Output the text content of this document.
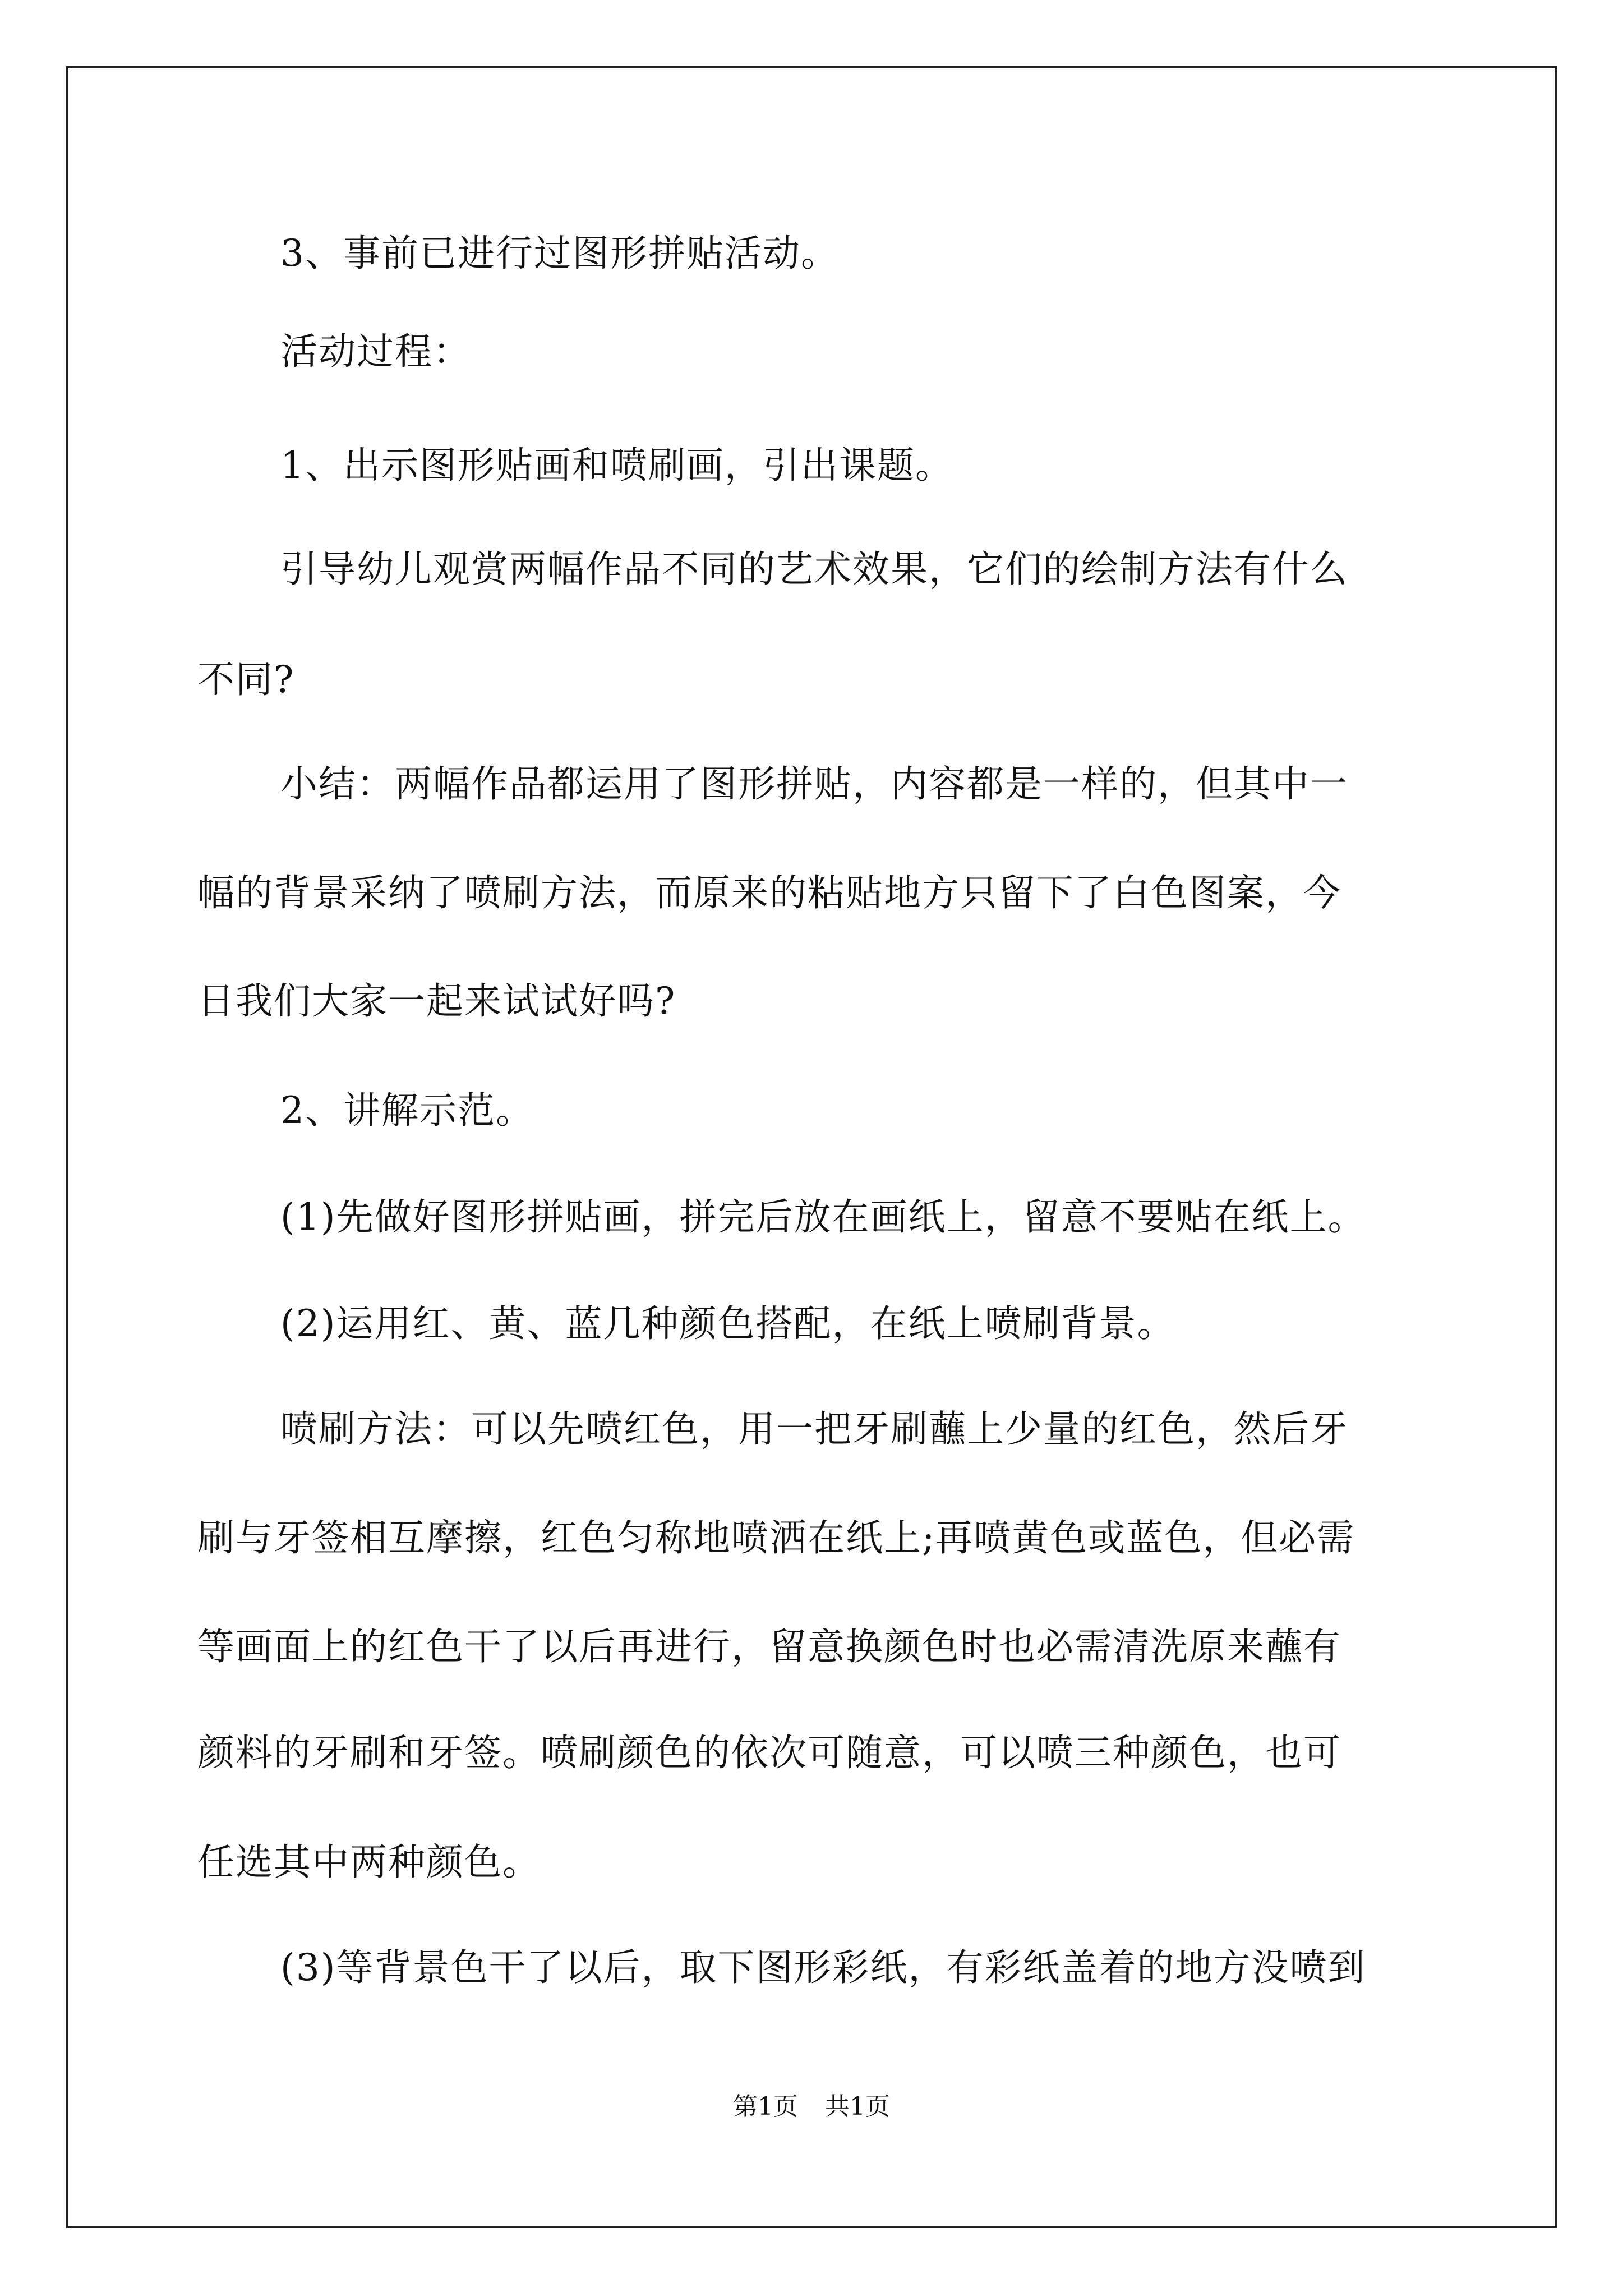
3、事前已进行过图形拼贴活动。
活动过程：
1、出示图形贴画和喷刷画，引出课题。
引导幼儿观赏两幅作品不同的艺术效果，它们的绘制方法有什么
不同?
小结：两幅作品都运用了图形拼贴，内容都是一样的，但其中一
幅的背景采纳了喷刷方法，而原来的粘贴地方只留下了白色图案，今
日我们大家一起来试试好吗?
2、讲解示范。
(1)先做好图形拼贴画，拼完后放在画纸上，留意不要贴在纸上。
(2)运用红、黄、蓝几种颜色搭配，在纸上喷刷背景。
喷刷方法：可以先喷红色，用一把牙刷蘸上少量的红色，然后牙
刷与牙签相互摩擦，红色匀称地喷洒在纸上;再喷黄色或蓝色，但必需
等画面上的红色干了以后再进行，留意换颜色时也必需清洗原来蘸有
颜料的牙刷和牙签。喷刷颜色的依次可随意，可以喷三种颜色，也可
任选其中两种颜色。
(3)等背景色干了以后，取下图形彩纸，有彩纸盖着的地方没喷到
第1页 共1页
